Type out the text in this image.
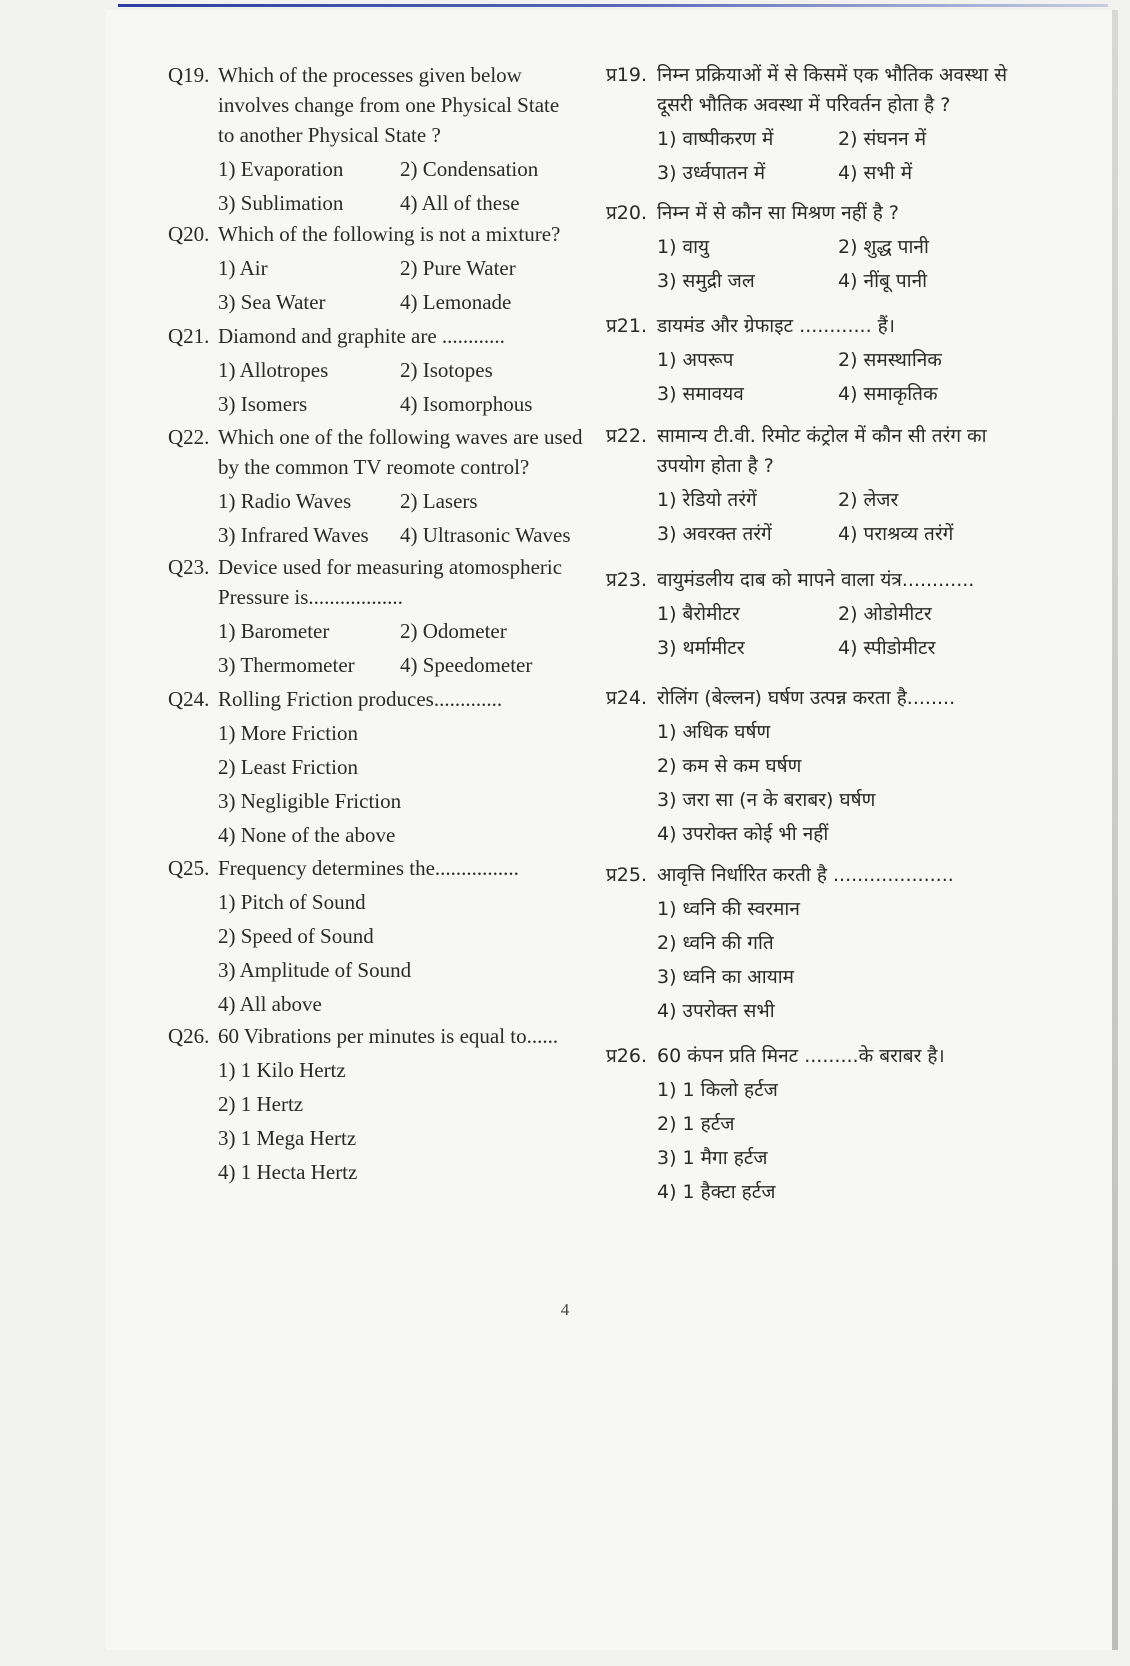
Q19. Which of the processes given below
involves change from one Physical State
to another Physical State ?
1) Evaporation	2) Condensation
3) Sublimation	4) All of these
Q20. Which of the following is not a mixture?
1) Air	2) Pure Water
3) Sea Water	4) Lemonade
Q21. Diamond and graphite are ............
1) Allotropes	2) Isotopes
3) Isomers	4) Isomorphous
Q22. Which one of the following waves are used
by the common TV reomote control?
1) Radio Waves 2) Lasers
3) Infrared Waves 4) Ultrasonic Waves
Q23. Device used for measuring atomospheric
Pressure is..................
1) Barometer	2) Odometer
3) Thermometer 4) Speedometer
Q24. Rolling Friction produces.............
1) More Friction
2) Least Friction
3) Negligible Friction
4) None of the above
Q25. Frequency determines the................
1) Pitch of Sound
2) Speed of Sound
3) Amplitude of Sound
4) All above
Q26. 60 Vibrations per minutes is equal to......
1) 1 Kilo Hertz
2) 1 Hertz
3) 1 Mega Hertz
4) 1 Hecta Hertz
प्र19. निम्न प्रक्रियाओं में से किसमें एक भौतिक अवस्था से
दूसरी भौतिक अवस्था में परिवर्तन होता है ?
1) वाष्पीकरण में	2) संघनन में
3) उर्ध्वपातन में	4) सभी में
प्र20. निम्न में से कौन सा मिश्रण नहीं है ?
1) वायु	2) शुद्ध पानी
3) समुद्री जल	4) नींबू पानी
प्र21. डायमंड और ग्रेफाइट ............ हैं।
1) अपरूप	2) समस्थानिक
3) समावयव	4) समाकृतिक
प्र22. सामान्य टी.वी. रिमोट कंट्रोल में कौन सी तरंग का
उपयोग होता है ?
1) रेडियो तरंगें	2) लेजर
3) अवरक्त तरंगें	4) पराश्रव्य तरंगें
प्र23. वायुमंडलीय दाब को मापने वाला यंत्र............
1) बैरोमीटर	2) ओडोमीटर
3) थर्मामीटर	4) स्पीडोमीटर
प्र24. रोलिंग (बेल्लन) घर्षण उत्पन्न करता है........
1) अधिक घर्षण
2) कम से कम घर्षण
3) जरा सा (न के बराबर) घर्षण
4) उपरोक्त कोई भी नहीं
प्र25. आवृत्ति निर्धारित करती है ....................
1) ध्वनि की स्वरमान
2) ध्वनि की गति
3) ध्वनि का आयाम
4) उपरोक्त सभी
प्र26. 60 कंपन प्रति मिनट .........के बराबर है।
1) 1 किलो हर्टज
2) 1 हर्टज
3) 1 मैगा हर्टज
4) 1 हैक्टा हर्टज
4
